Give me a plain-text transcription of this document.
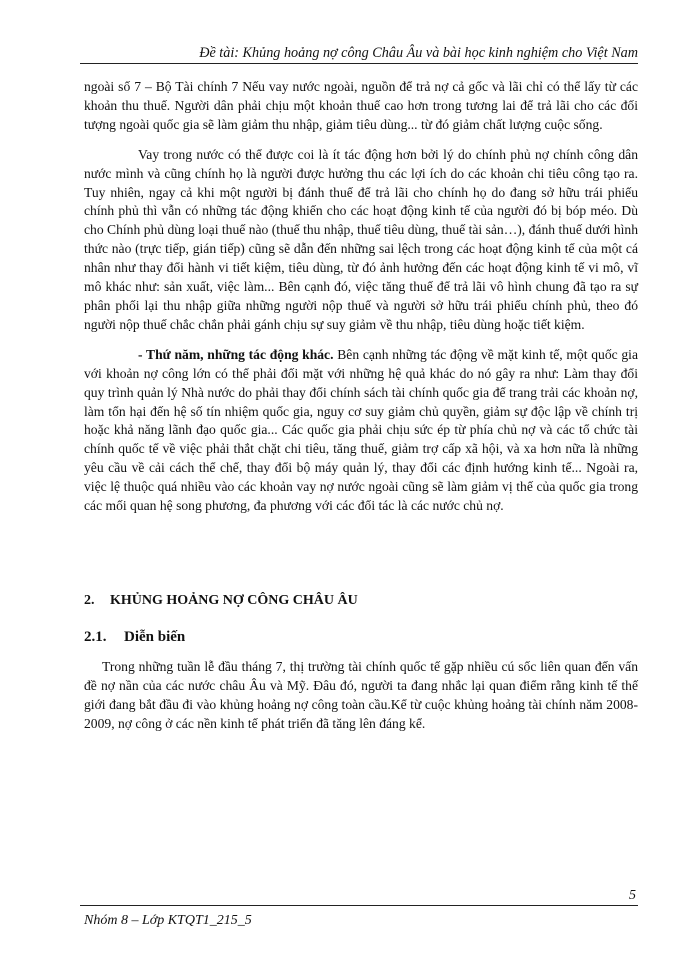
Đề tài: Khủng hoảng nợ công Châu Âu và bài học kinh nghiệm cho Việt Nam

ngoài số 7 – Bộ Tài chính 7 Nếu vay nước ngoài, nguồn để trả nợ cả gốc và lãi chỉ có thể lấy từ các khoản thu thuế. Người dân phải chịu một khoản thuế cao hơn trong tương lai để trả lãi cho các đối tượng ngoài quốc gia sẽ làm giảm thu nhập, giảm tiêu dùng... từ đó giảm chất lượng cuộc sống.

Vay trong nước có thể được coi là ít tác động hơn bởi lý do chính phủ nợ chính công dân nước mình và cũng chính họ là người được hưởng thu các lợi ích do các khoản chi tiêu công tạo ra. Tuy nhiên, ngay cả khi một người bị đánh thuế để trả lãi cho chính họ do đang sở hữu trái phiếu chính phủ thì vẫn có những tác động khiến cho các hoạt động kinh tế của người đó bị bóp méo. Dù cho Chính phủ dùng loại thuế nào (thuế thu nhập, thuế tiêu dùng, thuế tài sản…), đánh thuế dưới hình thức nào (trực tiếp, gián tiếp) cũng sẽ dẫn đến những sai lệch trong các hoạt động kinh tế của một cá nhân như thay đổi hành vi tiết kiệm, tiêu dùng, từ đó ảnh hưởng đến các hoạt động kinh tế vi mô, vĩ mô khác như: sản xuất, việc làm... Bên cạnh đó, việc tăng thuế để trả lãi vô hình chung đã tạo ra sự phân phối lại thu nhập giữa những người nộp thuế và người sở hữu trái phiếu chính phủ, theo đó người nộp thuế chắc chắn phải gánh chịu sự suy giảm về thu nhập, tiêu dùng hoặc tiết kiệm.

- Thứ năm, những tác động khác. Bên cạnh những tác động về mặt kinh tế, một quốc gia với khoản nợ công lớn có thể phải đối mặt với những hệ quả khác do nó gây ra như: Làm thay đổi quy trình quản lý Nhà nước do phải thay đổi chính sách tài chính quốc gia để trang trải các khoản nợ, làm tổn hại đến hệ số tín nhiệm quốc gia, nguy cơ suy giảm chủ quyền, giảm sự độc lập về chính trị hoặc khả năng lãnh đạo quốc gia... Các quốc gia phải chịu sức ép từ phía chủ nợ và các tổ chức tài chính quốc tế về việc phải thắt chặt chi tiêu, tăng thuế, giảm trợ cấp xã hội, và xa hơn nữa là những yêu cầu về cải cách thể chế, thay đổi bộ máy quản lý, thay đổi các định hướng kinh tế... Ngoài ra, việc lệ thuộc quá nhiều vào các khoản vay nợ nước ngoài cũng sẽ làm giảm vị thế của quốc gia trong các mối quan hệ song phương, đa phương với các đối tác là các nước chủ nợ.

2. KHỦNG HOẢNG NỢ CÔNG CHÂU ÂU
2.1. Diễn biến

Trong những tuần lễ đầu tháng 7, thị trường tài chính quốc tế gặp nhiều cú sốc liên quan đến vấn đề nợ nần của các nước châu Âu và Mỹ. Đâu đó, người ta đang nhắc lại quan điểm rằng kinh tế thế giới đang bắt đầu đi vào khủng hoảng nợ công toàn cầu.Kể từ cuộc khủng hoảng tài chính năm 2008-2009, nợ công ở các nền kinh tế phát triển đã tăng lên đáng kể.

5
Nhóm 8 – Lớp KTQT1_215_5
